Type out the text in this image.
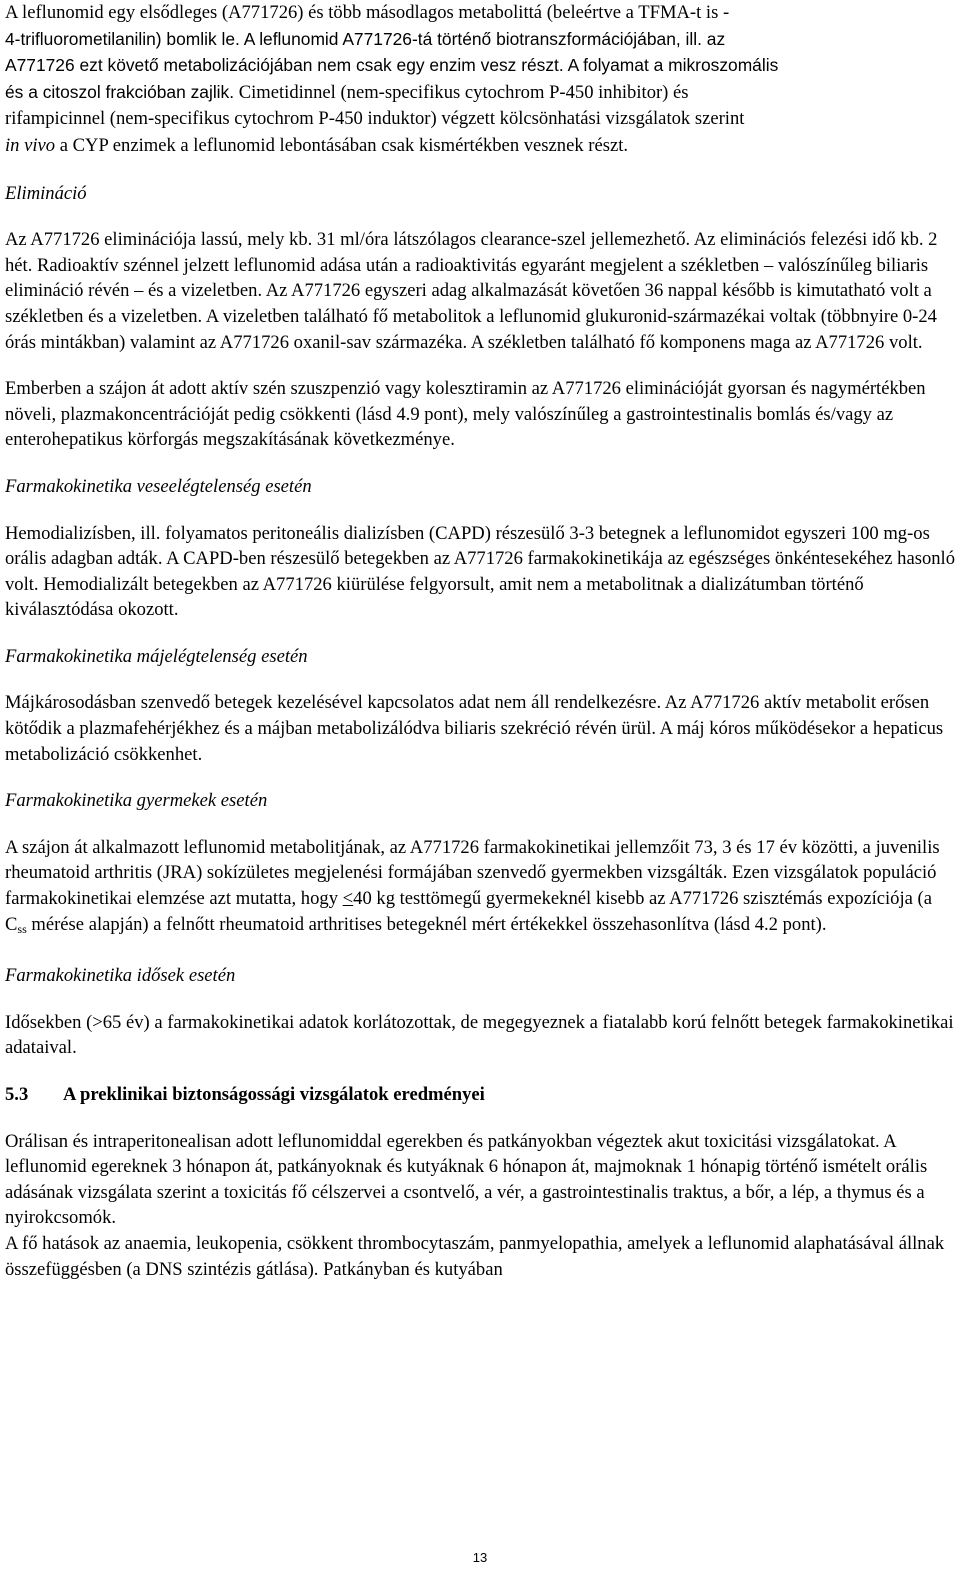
A leflunomid egy elsődleges (A771726) és több másodlagos metabolittá (beleértve a TFMA-t is -
4-trifluorometilanilin) bomlik le. A leflunomid A771726-tá történő biotranszformációjában, ill. az
A771726 ezt követő metabolizációjában nem csak egy enzim vesz részt. A folyamat a mikroszomális
és a citoszol frakcióban zajlik. Cimetidinnel (nem-specifikus cytochrom P-450 inhibitor) és
rifampicinnel (nem-specifikus cytochrom P-450 induktor) végzett kölcsönhatási vizsgálatok szerint
in vivo a CYP enzimek a leflunomid lebontásában csak kismértékben vesznek részt.

Elimináció

Az A771726 eliminációja lassú, mely kb. 31 ml/óra látszólagos clearance-szel jellemezhető. Az eliminációs felezési idő kb. 2 hét. Radioaktív szénnel jelzett leflunomid adása után a radioaktivitás egyaránt megjelent a székletben – valószínűleg biliaris elimináció révén – és a vizeletben. Az A771726 egyszeri adag alkalmazását követően 36 nappal később is kimutatható volt a székletben és a vizeletben. A vizeletben található fő metabolitok a leflunomid glukuronid-származékai voltak (többnyire 0-24 órás mintákban) valamint az A771726 oxanil-sav származéka. A székletben található fő komponens maga az A771726 volt.

Emberben a szájon át adott aktív szén szuszpenzió vagy kolesztiramin az A771726 eliminációját gyorsan és nagymértékben növeli, plazmakoncentrációját pedig csökkenti (lásd 4.9 pont), mely valószínűleg a gastrointestinalis bomlás és/vagy az enterohepatikus körforgás megszakításának következménye.

Farmakokinetika veseelégtelenség esetén

Hemodializísben, ill. folyamatos peritoneális dializísben (CAPD) részesülő 3-3 betegnek a leflunomidot egyszeri 100 mg-os orális adagban adták. A CAPD-ben részesülő betegekben az A771726 farmakokinetikája az egészséges önkéntesekéhez hasonló volt. Hemodializált betegekben az A771726 kiürülése felgyorsult, amit nem a metabolitnak a dializátumban történő kiválasztódása okozott.

Farmakokinetika májelégtelenség esetén

Májkárosodásban szenvedő betegek kezelésével kapcsolatos adat nem áll rendelkezésre. Az A771726 aktív metabolit erősen kötődik a plazmafehérjékhez és a májban metabolizálódva biliaris szekréció révén ürül. A máj kóros működésekor a hepaticus metabolizáció csökkenhet.

Farmakokinetika gyermekek esetén

A szájon át alkalmazott leflunomid metabolitjának, az A771726 farmakokinetikai jellemzőit 73, 3 és 17 év közötti, a juvenilis rheumatoid arthritis (JRA) sokízületes megjelenési formájában szenvedő gyermekben vizsgálták. Ezen vizsgálatok populáció farmakokinetikai elemzése azt mutatta, hogy ≤40 kg testtömegű gyermekeknél kisebb az A771726 szisztémás expozíciója (a $C_{ss}$ mérése alapján) a felnőtt rheumatoid arthritises betegeknél mért értékekkel összehasonlítva (lásd 4.2 pont).

Farmakokinetika idősek esetén

Idősekben (>65 év) a farmakokinetikai adatok korlátozottak, de megegyeznek a fiatalabb korú felnőtt betegek farmakokinetikai adataival.

5.3 A preklinikai biztonságossági vizsgálatok eredményei

Orálisan és intraperitonealisan adott leflunomiddal egerekben és patkányokban végeztek akut toxicitási vizsgálatokat. A leflunomid egereknek 3 hónapon át, patkányoknak és kutyáknak 6 hónapon át, majmoknak 1 hónapig történő ismételt orális adásának vizsgálata szerint a toxicitás fő célszervei a csontvelő, a vér, a gastrointestinalis traktus, a bőr, a lép, a thymus és a nyirokcsomók.

A fő hatások az anaemia, leukopenia, csökkent thrombocytaszám, panmyelopathia, amelyek a leflunomid alaphatásával állnak összefüggésben (a DNS szintézis gátlása). Patkányban és kutyában

13
